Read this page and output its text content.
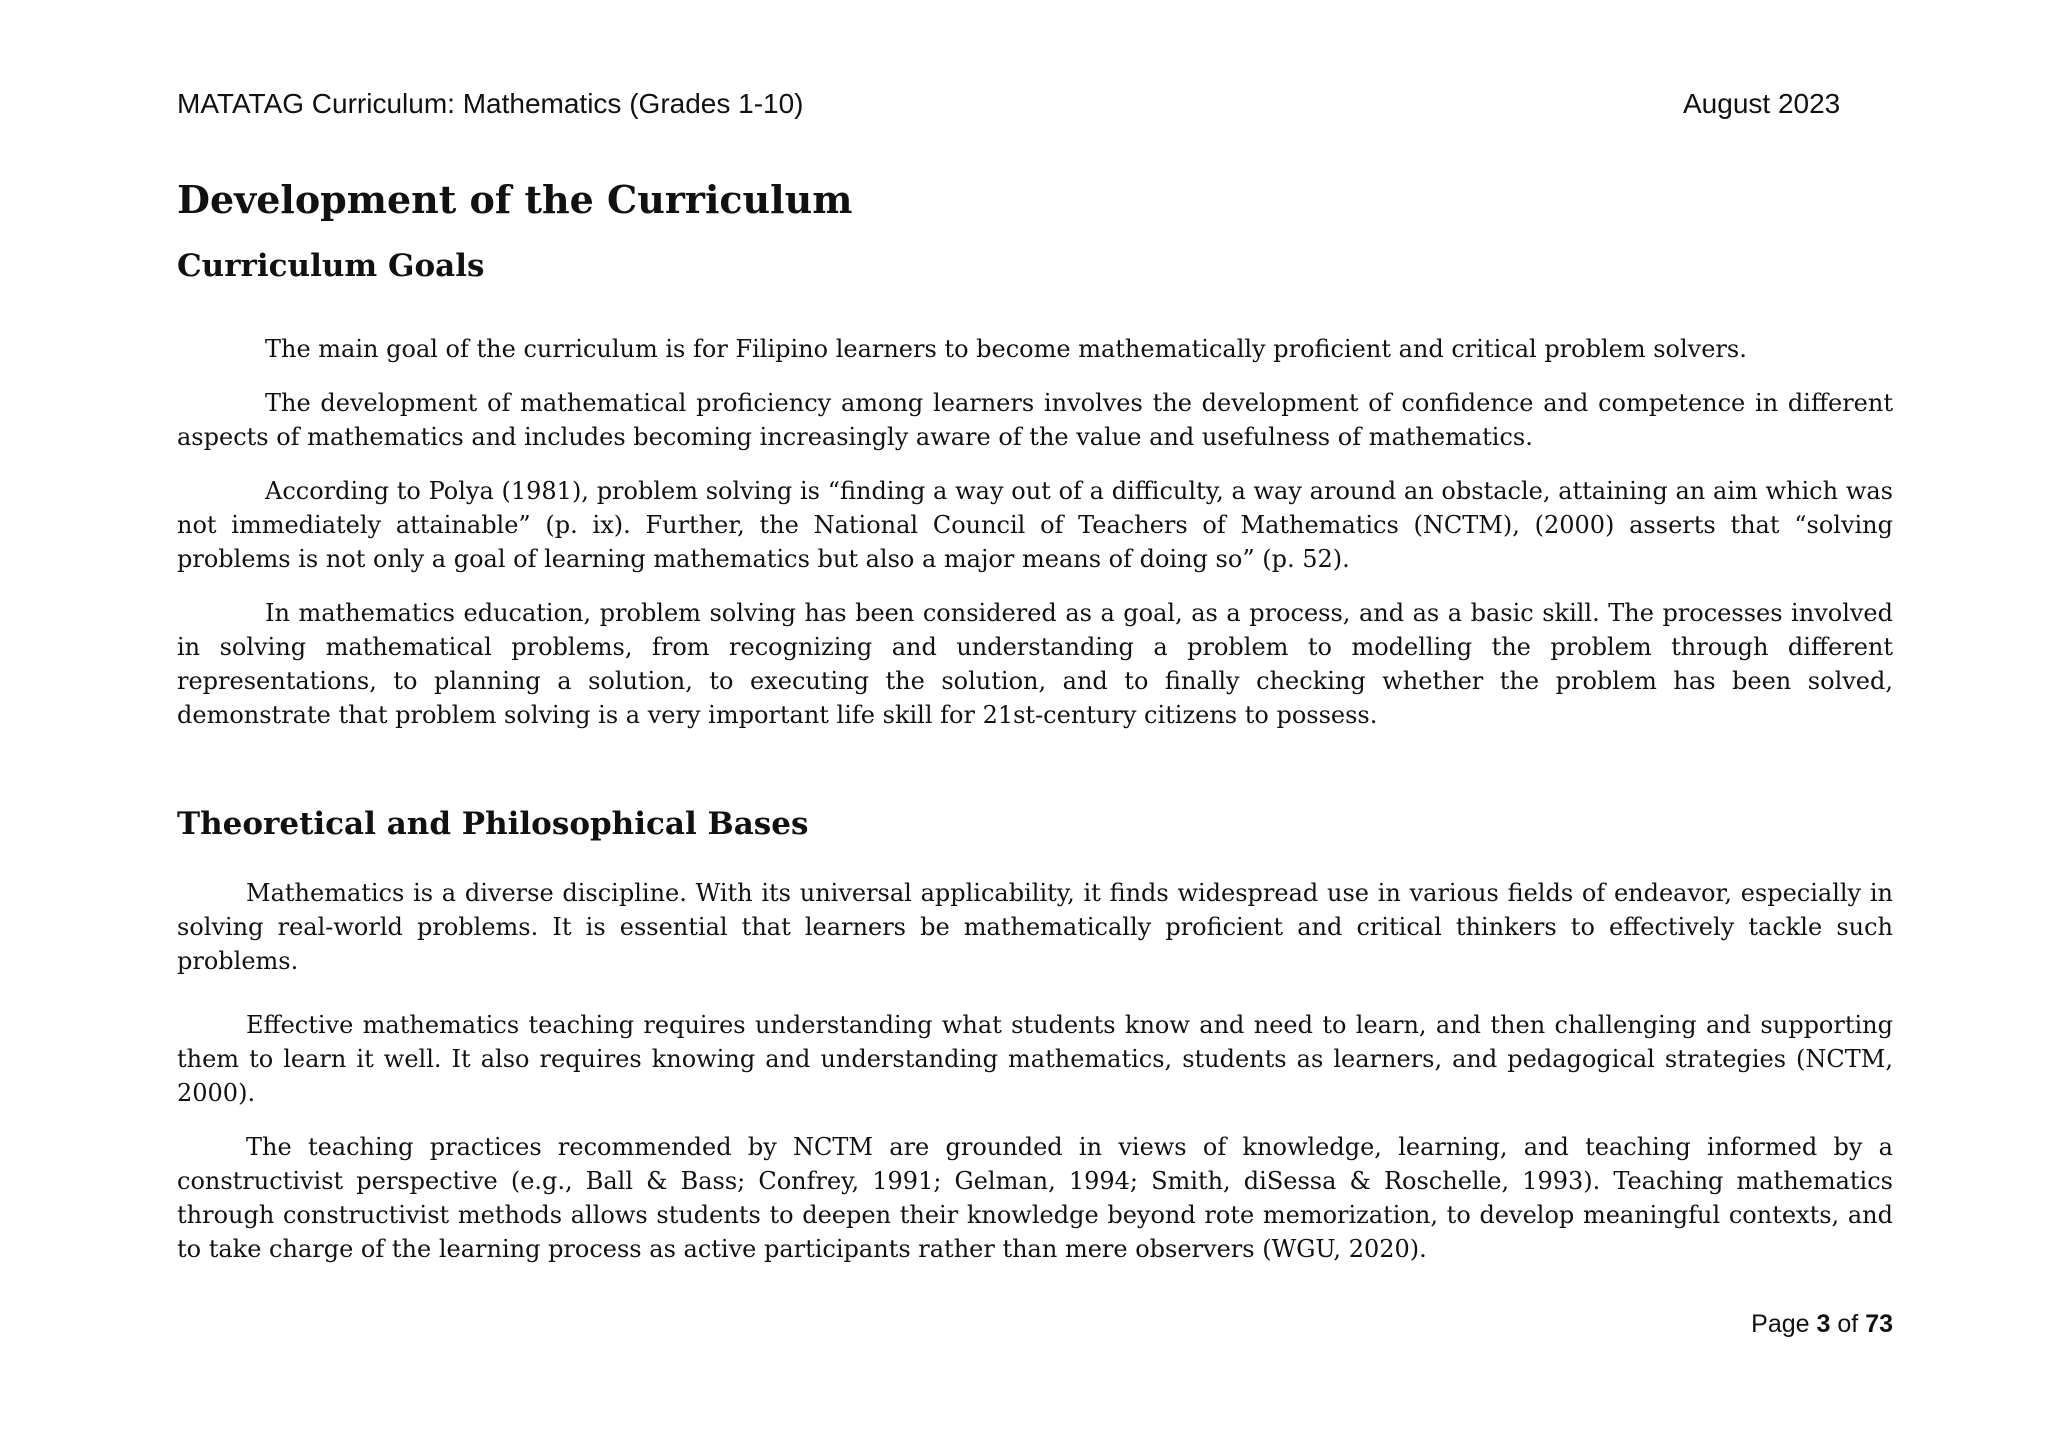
MATATAG Curriculum: Mathematics (Grades 1-10)	August 2023
Development of the Curriculum
Curriculum Goals

The main goal of the curriculum is for Filipino learners to become mathematically proficient and critical problem solvers.

The development of mathematical proficiency among learners involves the development of confidence and competence in different aspects of mathematics and includes becoming increasingly aware of the value and usefulness of mathematics.

According to Polya (1981), problem solving is “finding a way out of a difficulty, a way around an obstacle, attaining an aim which was not immediately attainable” (p. ix). Further, the National Council of Teachers of Mathematics (NCTM), (2000) asserts that “solving problems is not only a goal of learning mathematics but also a major means of doing so” (p. 52).

In mathematics education, problem solving has been considered as a goal, as a process, and as a basic skill. The processes involved in solving mathematical problems, from recognizing and understanding a problem to modelling the problem through different representations, to planning a solution, to executing the solution, and to finally checking whether the problem has been solved, demonstrate that problem solving is a very important life skill for 21st-century citizens to possess.

Theoretical and Philosophical Bases

Mathematics is a diverse discipline. With its universal applicability, it finds widespread use in various fields of endeavor, especially in solving real-world problems. It is essential that learners be mathematically proficient and critical thinkers to effectively tackle such problems.

Effective mathematics teaching requires understanding what students know and need to learn, and then challenging and supporting them to learn it well. It also requires knowing and understanding mathematics, students as learners, and pedagogical strategies (NCTM, 2000).

The teaching practices recommended by NCTM are grounded in views of knowledge, learning, and teaching informed by a constructivist perspective (e.g., Ball & Bass; Confrey, 1991; Gelman, 1994; Smith, diSessa & Roschelle, 1993). Teaching mathematics through constructivist methods allows students to deepen their knowledge beyond rote memorization, to develop meaningful contexts, and to take charge of the learning process as active participants rather than mere observers (WGU, 2020).

Page 3 of 73
